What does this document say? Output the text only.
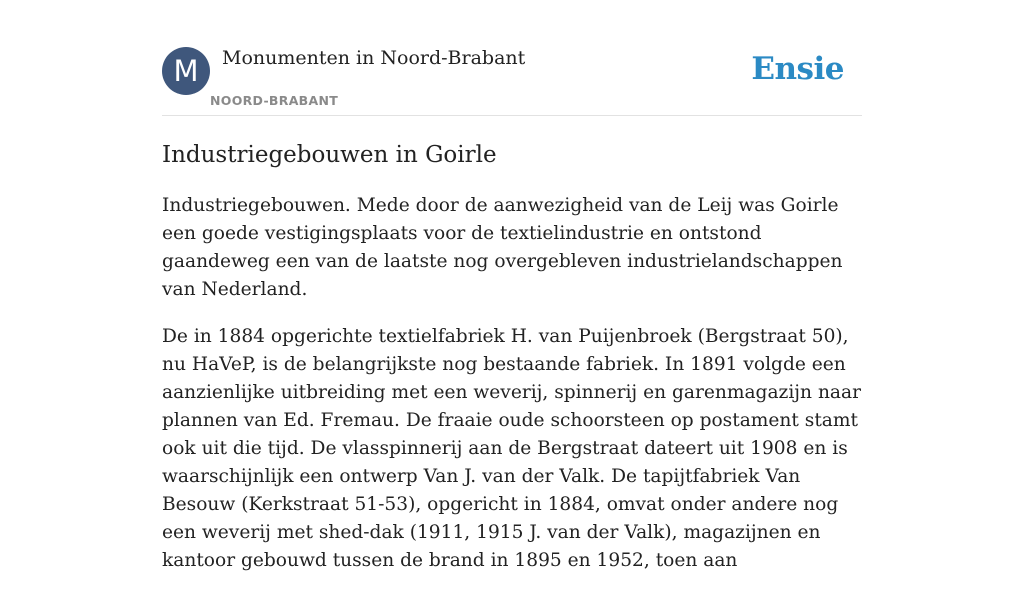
M	Monumenten in Noord-Brabant
NOORD-BRABANT
Ensie
Industriegebouwen in Goirle

Industriegebouwen. Mede door de aanwezigheid van de Leij was Goirle een goede vestigingsplaats voor de textielindustrie en ontstond gaandeweg een van de laatste nog overgebleven industrielandschappen van Nederland.

De in 1884 opgerichte textielfabriek H. van Puijenbroek (Bergstraat 50), nu HaVeP, is de belangrijkste nog bestaande fabriek. In 1891 volgde een aanzienlijke uitbreiding met een weverij, spinnerij en garenmagazijn naar plannen van Ed. Fremau. De fraaie oude schoorsteen op postament stamt ook uit die tijd. De vlasspinnerij aan de Bergstraat dateert uit 1908 en is waarschijnlijk een ontwerp Van J. van der Valk. De tapijtfabriek Van Besouw (Kerkstraat 51-53), opgericht in 1884, omvat onder andere nog een weverij met shed-dak (1911, 1915 J. van der Valk), magazijnen en kantoor gebouwd tussen de brand in 1895 en 1952, toen aan
